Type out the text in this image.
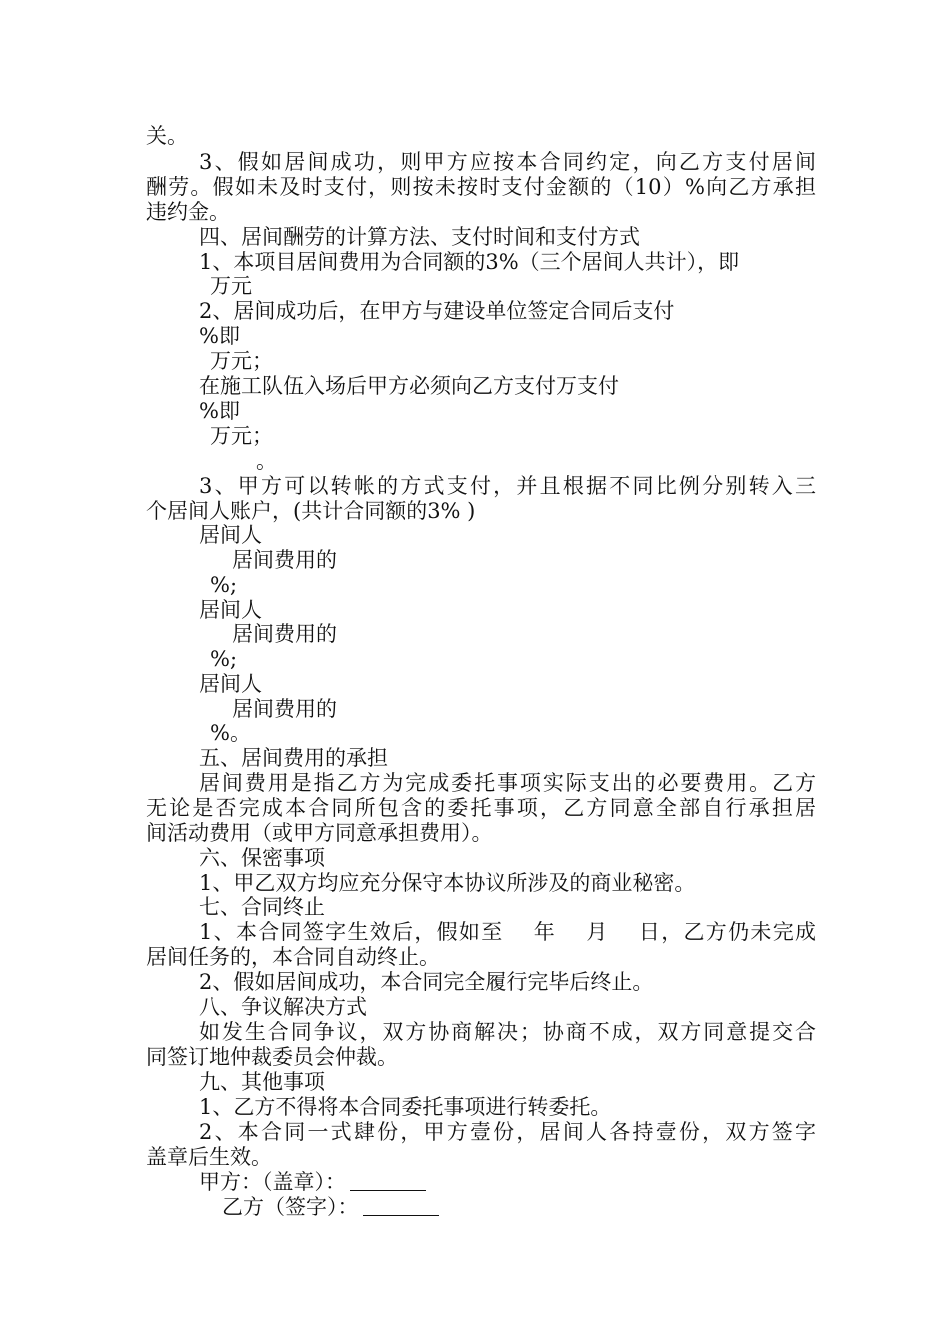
关。
3、假如居间成功，则甲方应按本合同约定，向乙方支付居间
酬劳。假如未及时支付，则按未按时支付金额的（10）%向乙方承担
违约金。
四、居间酬劳的计算方法、支付时间和支付方式
1、本项目居间费用为合同额的3%（三个居间人共计），即
万元
2、居间成功后，在甲方与建设单位签定合同后支付
%即
万元；
在施工队伍入场后甲方必须向乙方支付万支付
%即
万元；
。
3、甲方可以转帐的方式支付，并且根据不同比例分别转入三
个居间人账户，(共计合同额的3% )
居间人
居间费用的
%;
居间人
居间费用的
%;
居间人
居间费用的
%。
五、居间费用的承担
居间费用是指乙方为完成委托事项实际支出的必要费用。乙方
无论是否完成本合同所包含的委托事项，乙方同意全部自行承担居
间活动费用（或甲方同意承担费用）。
六、保密事项
1、甲乙双方均应充分保守本协议所涉及的商业秘密。
七、合同终止
1、本合同签字生效后，假如至　 年　 月　 日，乙方仍未完成
居间任务的，本合同自动终止。
2、假如居间成功，本合同完全履行完毕后终止。
八、争议解决方式
如发生合同争议，双方协商解决；协商不成，双方同意提交合
同签订地仲裁委员会仲裁。
九、其他事项
1、乙方不得将本合同委托事项进行转委托。
2、本合同一式肆份，甲方壹份，居间人各持壹份，双方签字
盖章后生效。
甲方：（盖章）：
乙方（签字）：
